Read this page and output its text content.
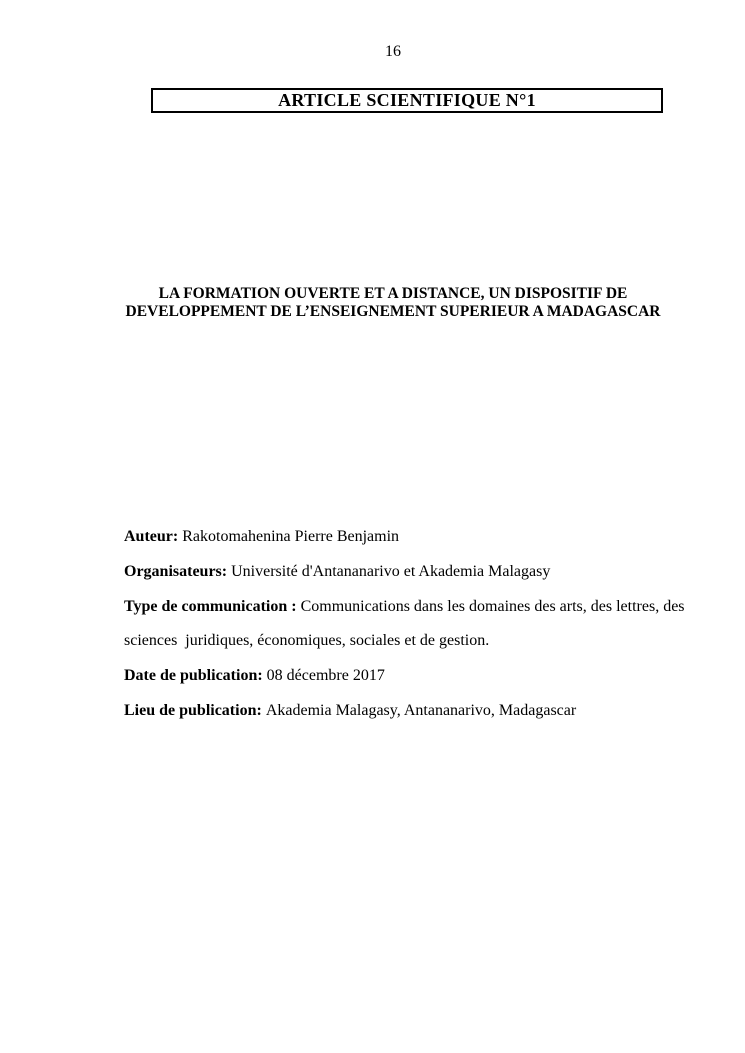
16
ARTICLE SCIENTIFIQUE N°1
LA FORMATION OUVERTE ET A DISTANCE, UN DISPOSITIF DE
DEVELOPPEMENT DE L’ENSEIGNEMENT SUPERIEUR A MADAGASCAR
Auteur: Rakotomahenina Pierre Benjamin
Organisateurs: Université d'Antananarivo et Akademia Malagasy
Type de communication : Communications dans les domaines des arts, des lettres, des
sciences  juridiques, économiques, sociales et de gestion.
Date de publication: 08 décembre 2017
Lieu de publication: Akademia Malagasy, Antananarivo, Madagascar
